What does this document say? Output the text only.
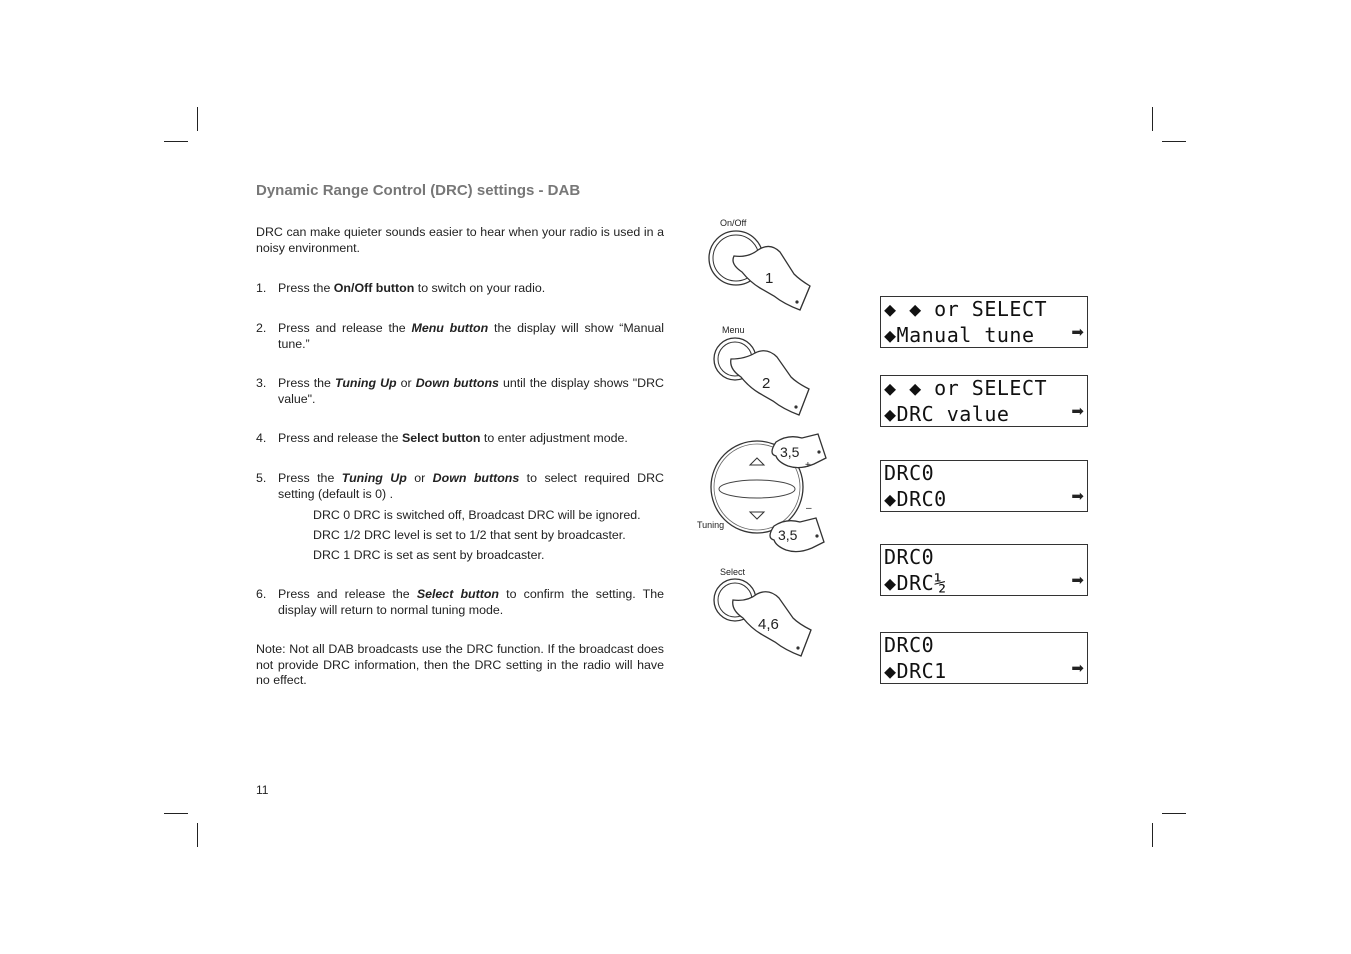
Dynamic Range Control (DRC) settings - DAB
DRC can make quieter sounds easier to hear when your radio is used in a noisy environment.
1. Press the On/Off button to switch on your radio.
2. Press and release the Menu button the display will show “Manual tune.”
3. Press the Tuning Up or Down buttons until the display shows "DRC value".
4. Press and release the Select button to enter adjustment mode.
5. Press the Tuning Up or Down buttons to select required DRC setting (default is 0) .
DRC 0 DRC is switched off, Broadcast DRC will be ignored.
DRC 1/2 DRC level is set to 1/2 that sent by broadcaster.
DRC 1 DRC is set as sent by broadcaster.
6. Press and release the Select button to confirm the setting. The display will return to normal tuning mode.
Note: Not all DAB broadcasts use the DRC function. If the broadcast does not provide DRC information, then the DRC setting in the radio will have no effect.
11
On/Off
1
Menu
2
3,5
3,5
+
–
Tuning
Select
4,6
◆ ◆ or SELECT
◆Manual tune ➡
◆ ◆ or SELECT
◆DRC value	➡
DRC0
◆DRC0	➡
DRC0
◆DRC½	➡
DRC0
◆DRC1	➡
